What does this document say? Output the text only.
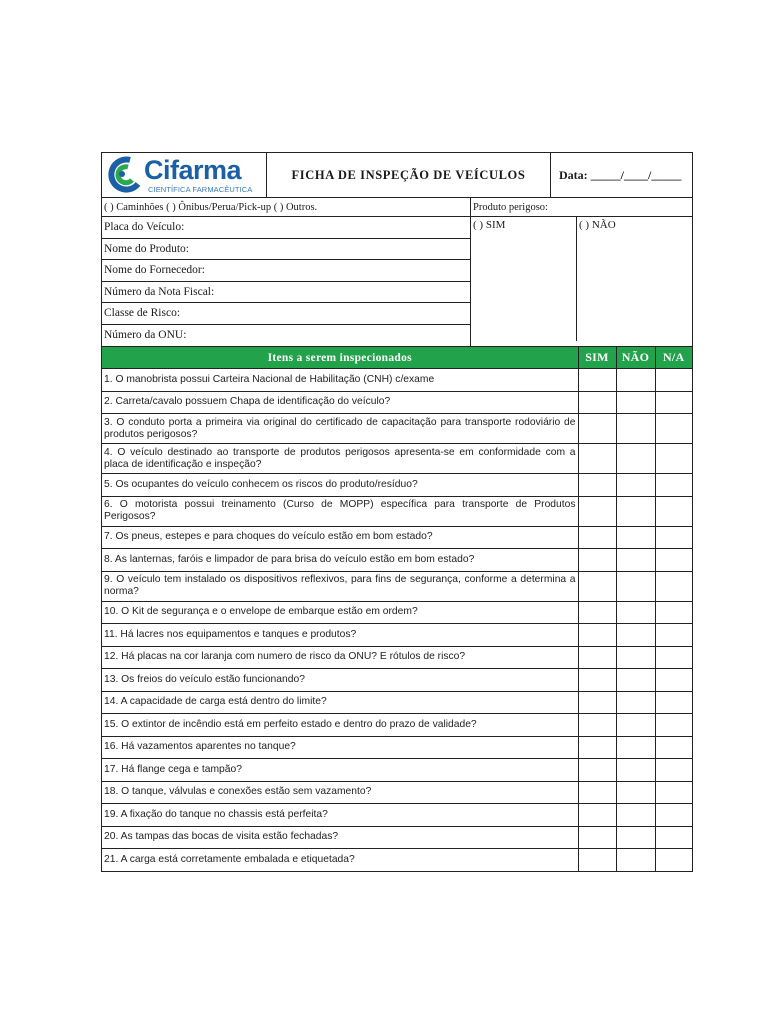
Cifarma
CIENTÍFICA FARMACÊUTICA
FICHA DE INSPEÇÃO DE VEÍCULOS	Data: _____/____/_____
( ) Caminhões ( ) Ônibus/Perua/Pick-up ( ) Outros.
Placa do Veículo:
Nome do Produto:
Nome do Fornecedor:
Número da Nota Fiscal:
Classe de Risco:
Número da ONU:
Produto perigoso:
( ) SIM	( ) NÃO
Itens a serem inspecionados	SIM	NÃO	N/A
1. O manobrista possui Carteira Nacional de Habilitação (CNH) c/exame			
2. Carreta/cavalo possuem Chapa de identificação do veículo?			
3. O conduto porta a primeira via original do certificado de capacitação para transporte rodoviário de produtos perigosos?			
4. O veículo destinado ao transporte de produtos perigosos apresenta-se em conformidade com a placa de identificação e inspeção?			
5. Os ocupantes do veículo conhecem os riscos do produto/resíduo?			
6. O motorista possui treinamento (Curso de MOPP) específica para transporte de Produtos Perigosos?			
7. Os pneus, estepes e para choques do veículo estão em bom estado?			
8. As lanternas, faróis e limpador de para brisa do veículo estão em bom estado?			
9. O veículo tem instalado os dispositivos reflexivos, para fins de segurança, conforme a determina a norma?			
10. O Kit de segurança e o envelope de embarque estão em ordem?			
11. Há lacres nos equipamentos e tanques e produtos?			
12. Há placas na cor laranja com numero de risco da ONU? E rótulos de risco?			
13. Os freios do veículo estão funcionando?			
14. A capacidade de carga está dentro do limite?			
15. O extintor de incêndio está em perfeito estado e dentro do prazo de validade?			
16. Há vazamentos aparentes no tanque?			
17. Há flange cega e tampão?			
18. O tanque, válvulas e conexões estão sem vazamento?			
19. A fixação do tanque no chassis está perfeita?			
20. As tampas das bocas de visita estão fechadas?			
21. A carga está corretamente embalada e etiquetada?			
